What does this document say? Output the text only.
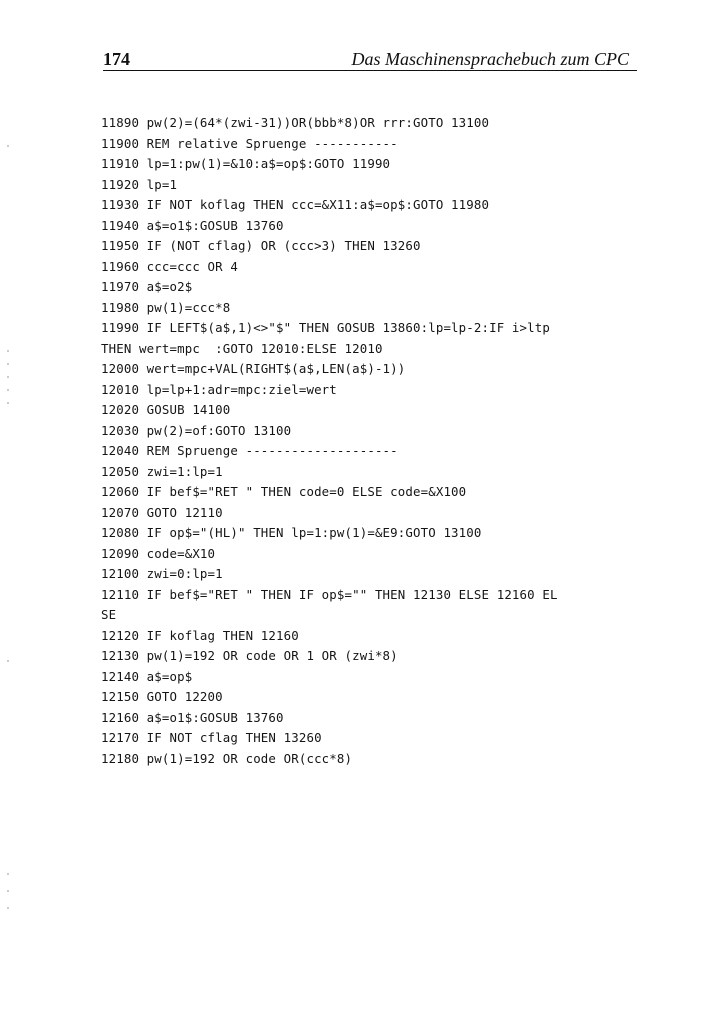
174	Das Maschinensprachebuch zum CPC
11890 pw(2)=(64*(zwi-31))OR(bbb*8)OR rrr:GOTO 13100
11900 REM relative Spruenge -----------
11910 lp=1:pw(1)=&10:a$=op$:GOTO 11990
11920 lp=1
11930 IF NOT koflag THEN ccc=&X11:a$=op$:GOTO 11980
11940 a$=o1$:GOSUB 13760
11950 IF (NOT cflag) OR (ccc>3) THEN 13260
11960 ccc=ccc OR 4
11970 a$=o2$
11980 pw(1)=ccc*8
11990 IF LEFT$(a$,1)<>"$" THEN GOSUB 13860:lp=lp-2:IF i>ltp
THEN wert=mpc  :GOTO 12010:ELSE 12010
12000 wert=mpc+VAL(RIGHT$(a$,LEN(a$)-1))
12010 lp=lp+1:adr=mpc:ziel=wert
12020 GOSUB 14100
12030 pw(2)=of:GOTO 13100
12040 REM Spruenge --------------------
12050 zwi=1:lp=1
12060 IF bef$="RET " THEN code=0 ELSE code=&X100
12070 GOTO 12110
12080 IF op$="(HL)" THEN lp=1:pw(1)=&E9:GOTO 13100
12090 code=&X10
12100 zwi=0:lp=1
12110 IF bef$="RET " THEN IF op$="" THEN 12130 ELSE 12160 EL
SE
12120 IF koflag THEN 12160
12130 pw(1)=192 OR code OR 1 OR (zwi*8)
12140 a$=op$
12150 GOTO 12200
12160 a$=o1$:GOSUB 13760
12170 IF NOT cflag THEN 13260
12180 pw(1)=192 OR code OR(ccc*8)
